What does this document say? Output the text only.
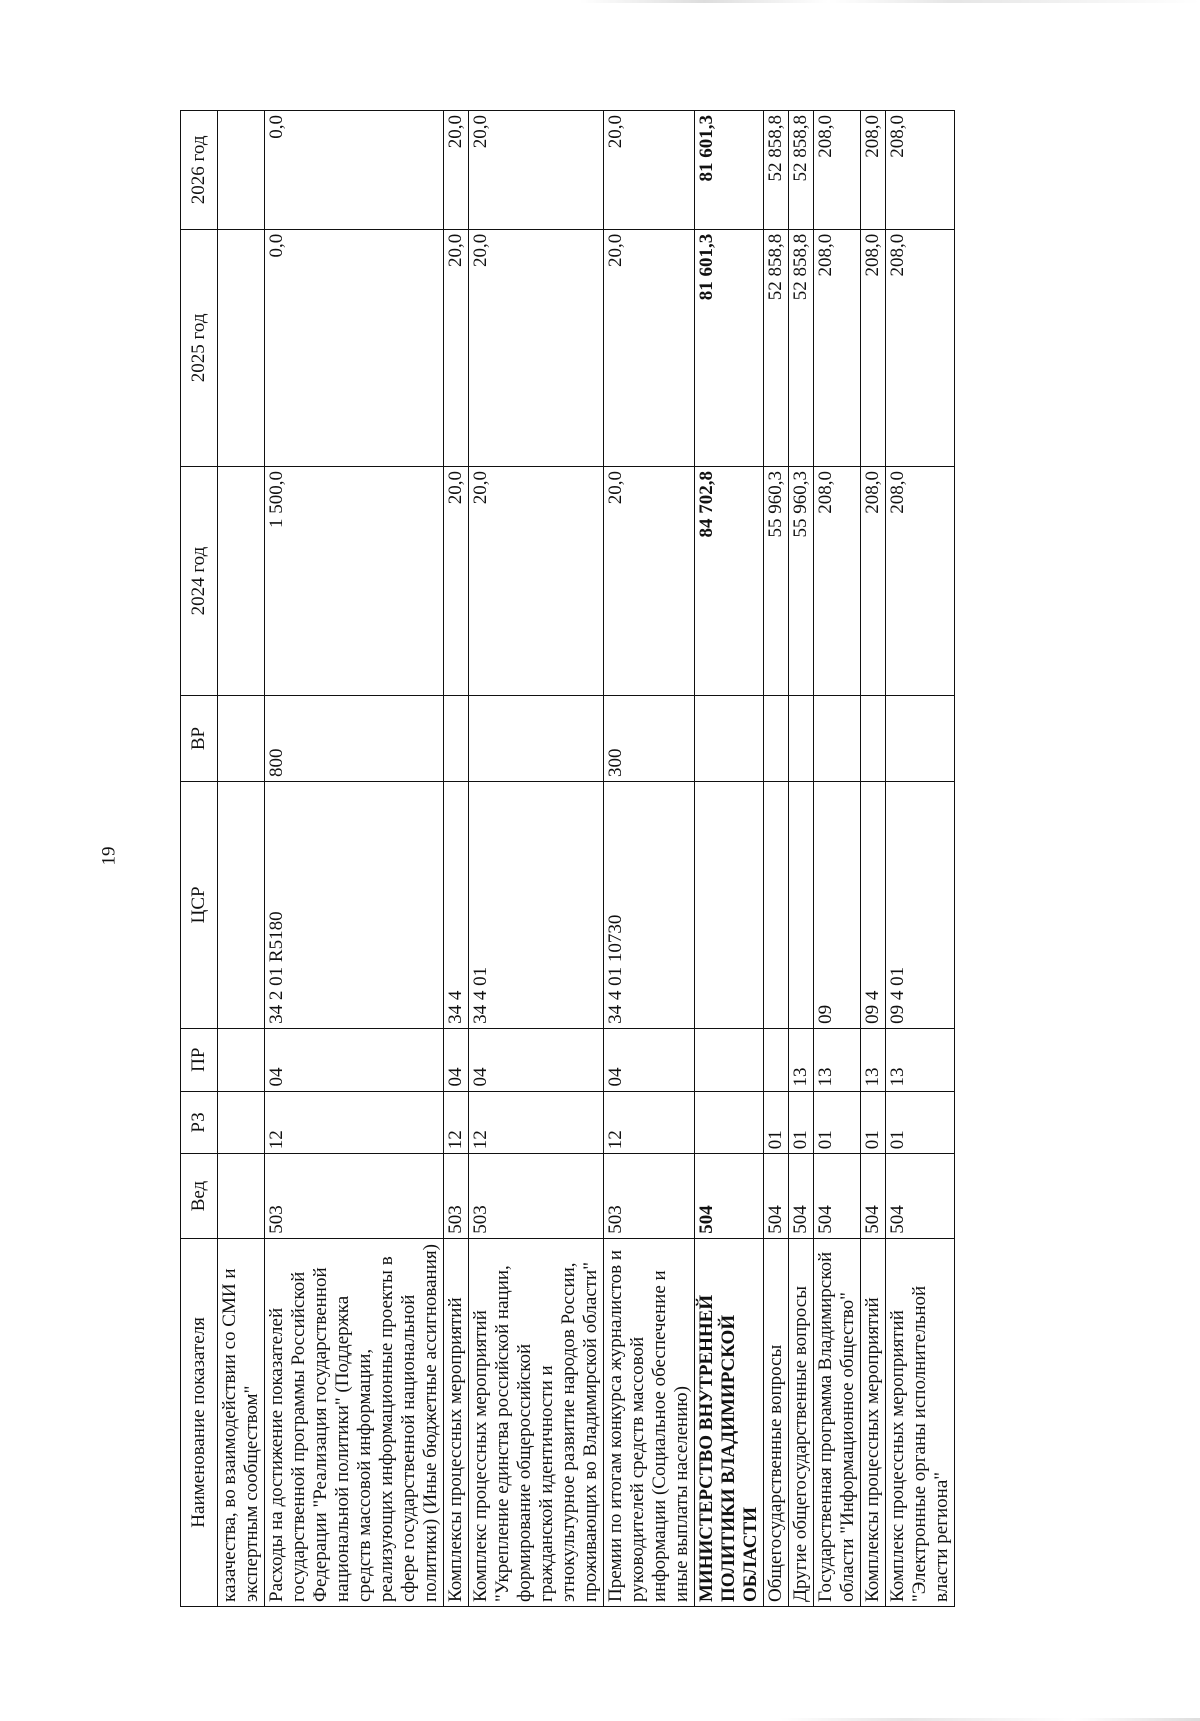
19
Наименование показателя	Вед	РЗ	ПР	ЦСР	ВР	2024 год	2025 год	2026 год
казачества, во взаимодействии со СМИ и экспертным сообществом"								
Расходы на достижение показателей государственной программы Российской Федерации "Реализация государственной национальной политики" (Поддержка средств массовой информации, реализующих информационные проекты в сфере государственной национальной политики) (Иные бюджетные ассигнования)	503	12	04	34 2 01 R5180	800	1 500,0	0,0	0,0
Комплексы процессных мероприятий	503	12	04	34 4		20,0	20,0	20,0
Комплекс процессных мероприятий "Укрепление единства российской нации, формирование общероссийской гражданской идентичности и этнокультурное развитие народов России, проживающих во Владимирской области"	503	12	04	34 4 01		20,0	20,0	20,0
Премии по итогам конкурса журналистов и руководителей средств массовой информации (Социальное обеспечение и иные выплаты населению)	503	12	04	34 4 01 10730	300	20,0	20,0	20,0
МИНИСТЕРСТВО ВНУТРЕННЕЙ ПОЛИТИКИ ВЛАДИМИРСКОЙ ОБЛАСТИ	504					84 702,8	81 601,3	81 601,3
Общегосударственные вопросы	504	01				55 960,3	52 858,8	52 858,8
Другие общегосударственные вопросы	504	01	13			55 960,3	52 858,8	52 858,8
Государственная программа Владимирской области "Информационное общество"	504	01	13	09		208,0	208,0	208,0
Комплексы процессных мероприятий	504	01	13	09 4		208,0	208,0	208,0
Комплекс процессных мероприятий "Электронные органы исполнительной власти региона"	504	01	13	09 4 01		208,0	208,0	208,0
